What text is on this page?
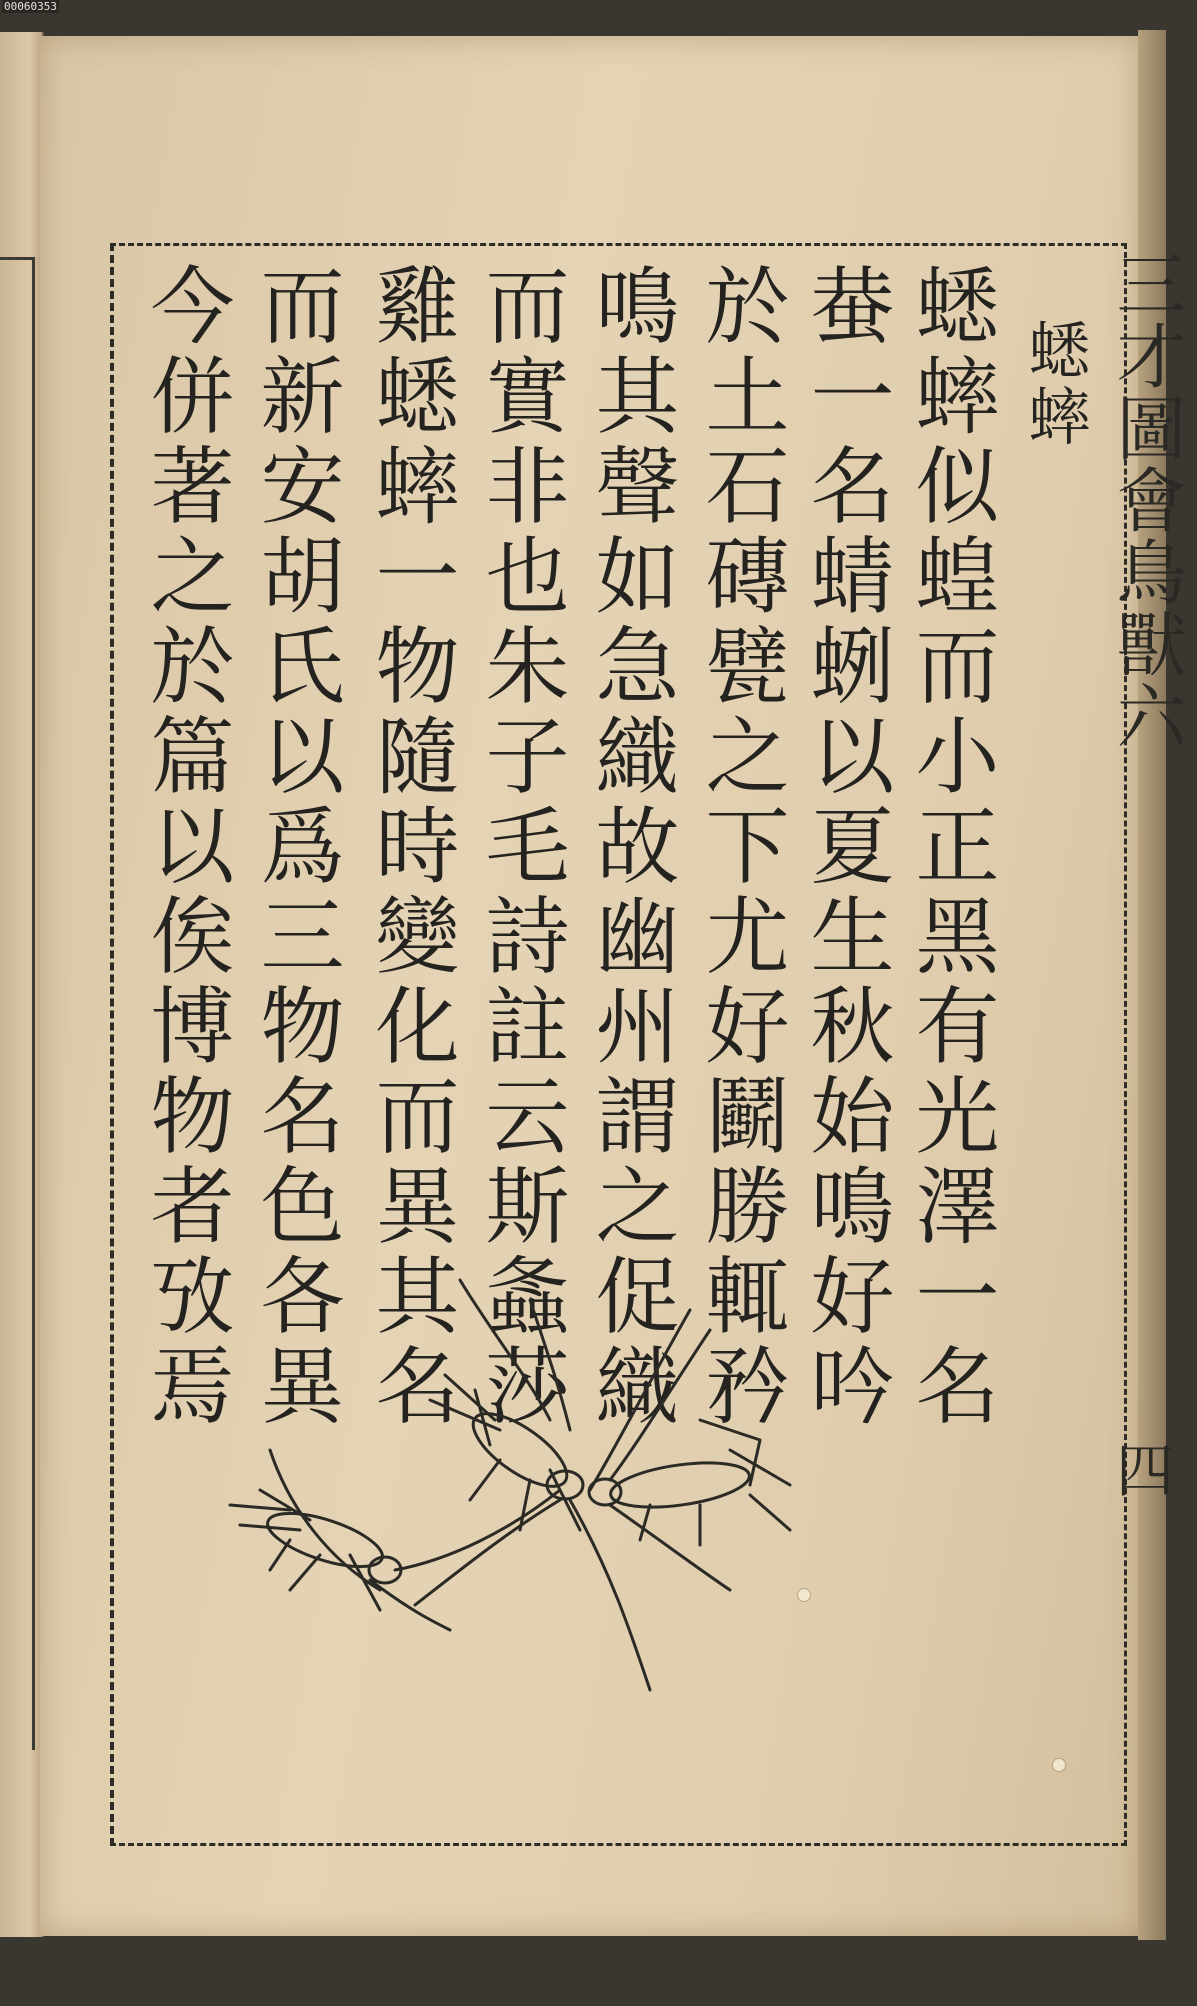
00060353
三才圖會鳥獸六
蟋蟀
蟋蟀似蝗而小正黑有光澤一名
蛬一名蜻蛚以夏生秋始鳴好吟
於土石磚甓之下尤好鬬勝輒矜
鳴其聲如急織故幽州謂之促織
而實非也朱子毛詩註云斯螽莎
雞蟋蟀一物隨時變化而異其名
而新安胡氏以爲三物名色各異
今併著之於篇以俟博物者攷焉
四
